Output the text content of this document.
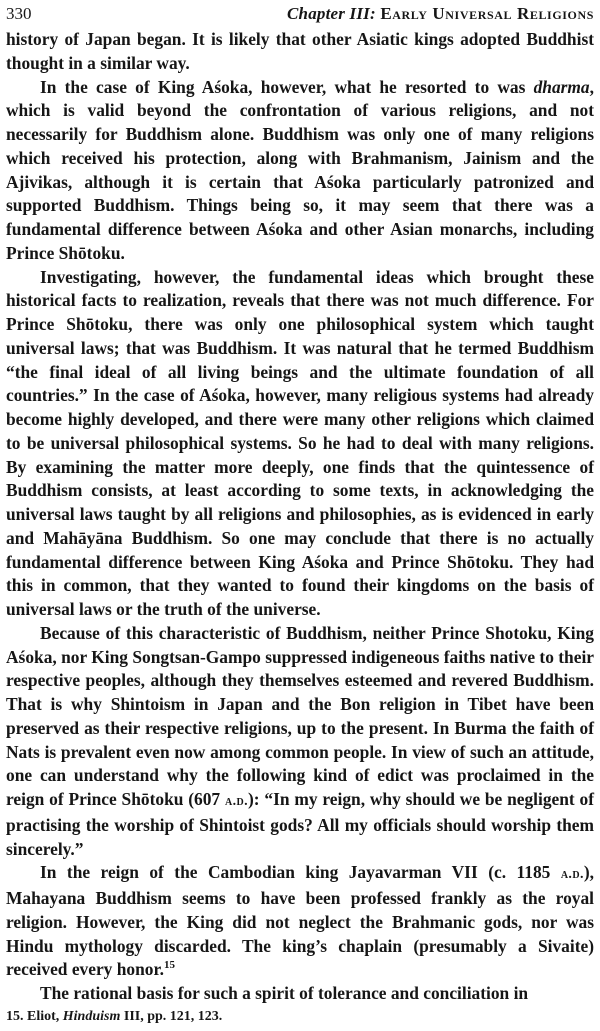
330	Chapter III: Early Universal Religions

history of Japan began. It is likely that other Asiatic kings adopted Buddhist thought in a similar way.

In the case of King Aśoka, however, what he resorted to was dharma, which is valid beyond the confrontation of various religions, and not necessarily for Buddhism alone. Buddhism was only one of many religions which received his protection, along with Brahmanism, Jainism and the Ajivikas, although it is certain that Aśoka particularly patronized and supported Buddhism. Things being so, it may seem that there was a fundamental difference between Aśoka and other Asian monarchs, including Prince Shōtoku.

Investigating, however, the fundamental ideas which brought these historical facts to realization, reveals that there was not much difference. For Prince Shōtoku, there was only one philosophical system which taught universal laws; that was Buddhism. It was natural that he termed Buddhism “the final ideal of all living beings and the ultimate foundation of all countries.” In the case of Aśoka, however, many religious systems had already become highly developed, and there were many other religions which claimed to be universal philosophical systems. So he had to deal with many religions. By examining the matter more deeply, one finds that the quintessence of Buddhism consists, at least according to some texts, in acknowledging the universal laws taught by all religions and philosophies, as is evidenced in early and Mahāyāna Buddhism. So one may conclude that there is no actually fundamental difference between King Aśoka and Prince Shōtoku. They had this in common, that they wanted to found their kingdoms on the basis of universal laws or the truth of the universe.

Because of this characteristic of Buddhism, neither Prince Shotoku, King Aśoka, nor King Songtsan-Gampo suppressed indigeneous faiths native to their respective peoples, although they themselves esteemed and revered Buddhism. That is why Shintoism in Japan and the Bon religion in Tibet have been preserved as their respective religions, up to the present. In Burma the faith of Nats is prevalent even now among common people. In view of such an attitude, one can understand why the following kind of edict was proclaimed in the reign of Prince Shōtoku (607 a.d.): “In my reign, why should we be negligent of practising the worship of Shintoist gods? All my officials should worship them sincerely.”

In the reign of the Cambodian king Jayavarman VII (c. 1185 a.d.), Mahayana Buddhism seems to have been professed frankly as the royal religion. However, the King did not neglect the Brahmanic gods, nor was Hindu mythology discarded. The king’s chaplain (presumably a Sivaite) received every honor.$^{15}$

The rational basis for such a spirit of tolerance and conciliation in

15. Eliot, Hinduism III, pp. 121, 123.
